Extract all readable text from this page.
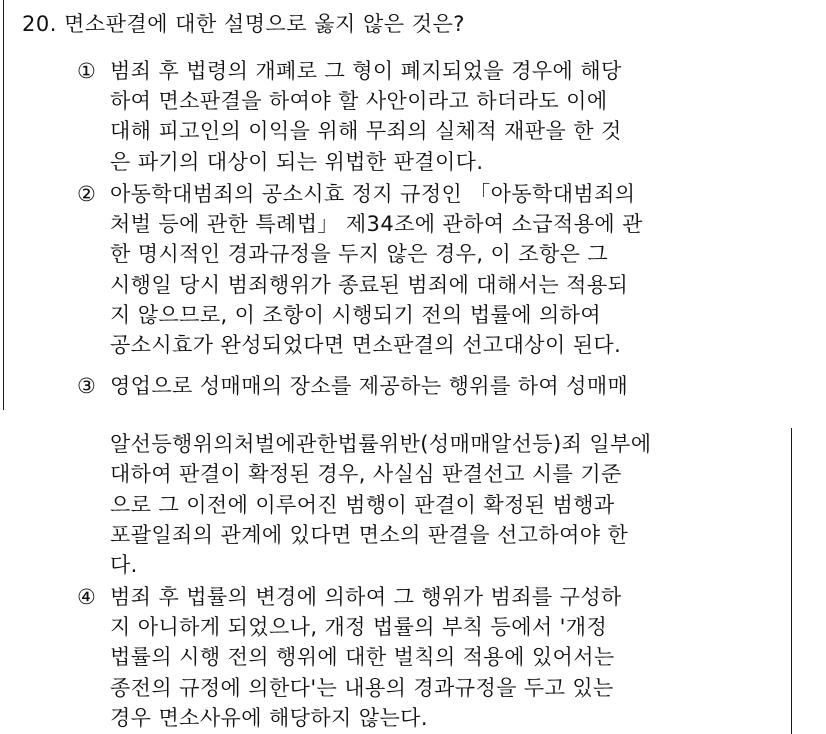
20. 면소판결에 대한 설명으로 옳지 않은 것은?
① 범죄 후 법령의 개폐로 그 형이 폐지되었을 경우에 해당
하여 면소판결을 하여야 할 사안이라고 하더라도 이에
대해 피고인의 이익을 위해 무죄의 실체적 재판을 한 것
은 파기의 대상이 되는 위법한 판결이다.
② 아동학대범죄의 공소시효 정지 규정인 「아동학대범죄의
처벌 등에 관한 특례법」 제34조에 관하여 소급적용에 관
한 명시적인 경과규정을 두지 않은 경우, 이 조항은 그
시행일 당시 범죄행위가 종료된 범죄에 대해서는 적용되
지 않으므로, 이 조항이 시행되기 전의 법률에 의하여
공소시효가 완성되었다면 면소판결의 선고대상이 된다.
③ 영업으로 성매매의 장소를 제공하는 행위를 하여 성매매
알선등행위의처벌에관한법률위반(성매매알선등)죄 일부에
대하여 판결이 확정된 경우, 사실심 판결선고 시를 기준
으로 그 이전에 이루어진 범행이 판결이 확정된 범행과
포괄일죄의 관계에 있다면 면소의 판결을 선고하여야 한
다.
④ 범죄 후 법률의 변경에 의하여 그 행위가 범죄를 구성하
지 아니하게 되었으나, 개정 법률의 부칙 등에서 '개정
법률의 시행 전의 행위에 대한 벌칙의 적용에 있어서는
종전의 규정에 의한다'는 내용의 경과규정을 두고 있는
경우 면소사유에 해당하지 않는다.
